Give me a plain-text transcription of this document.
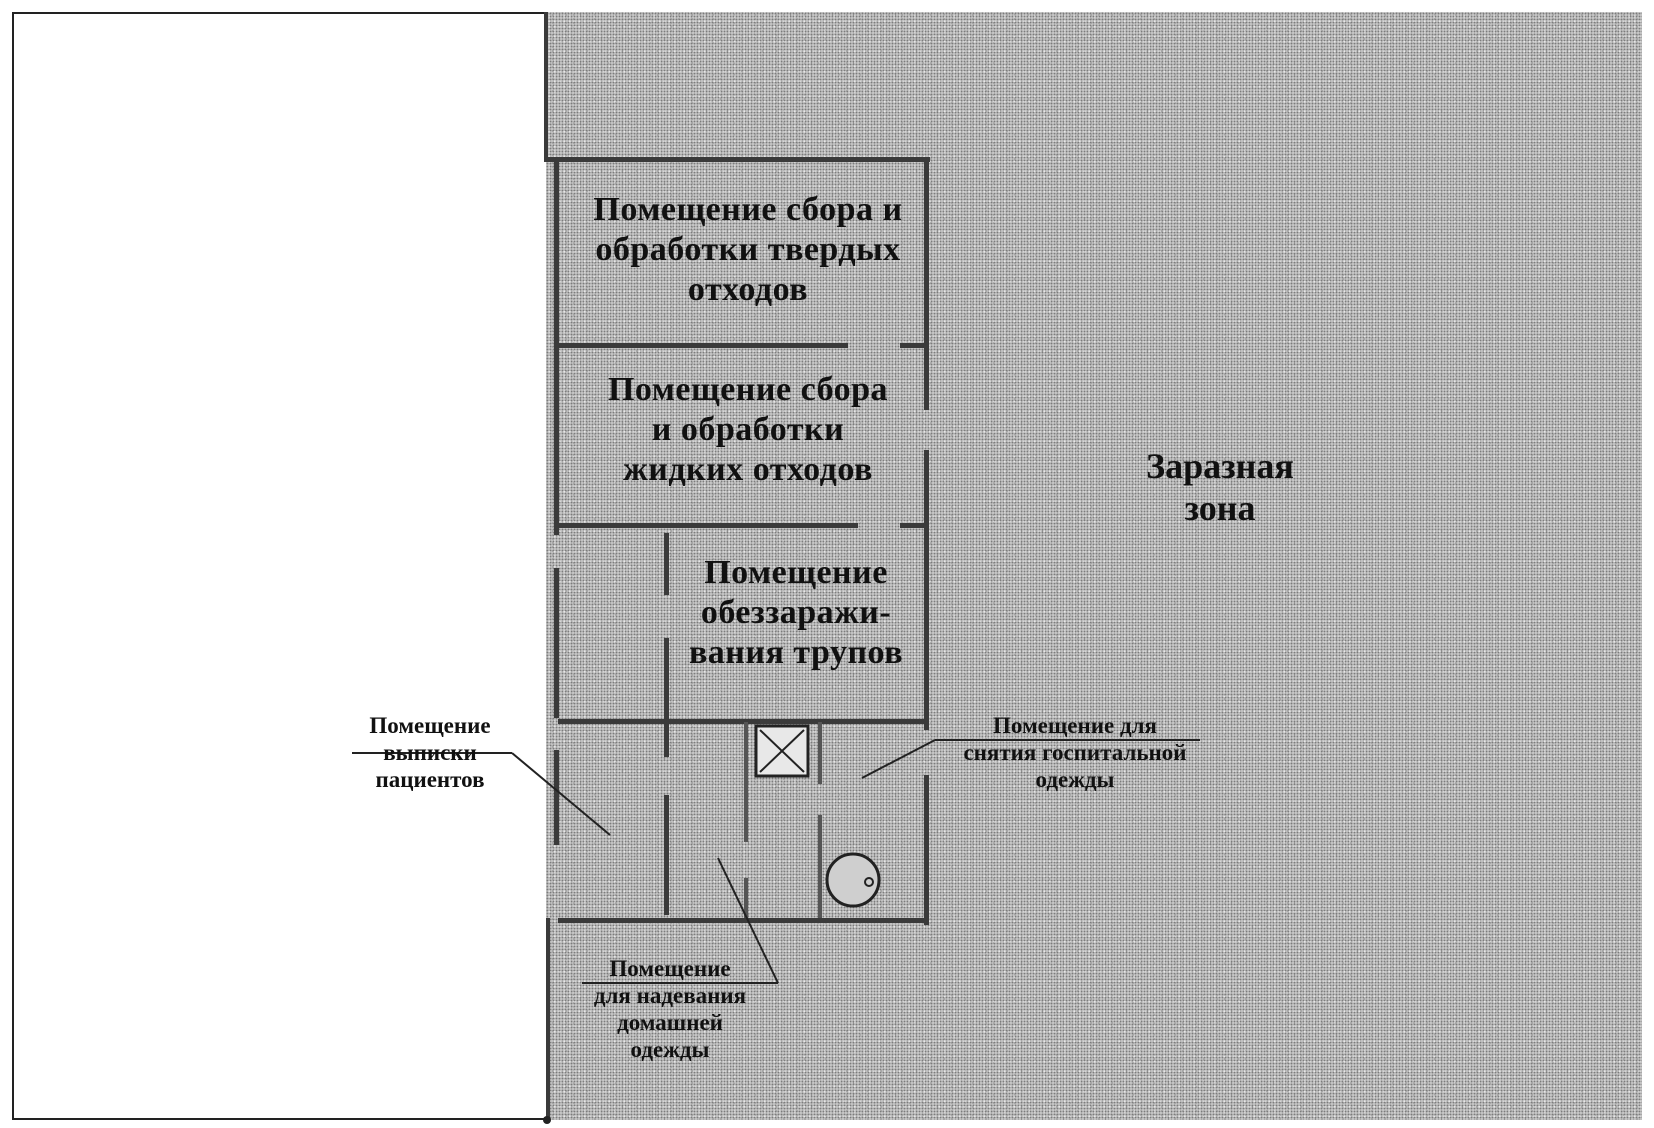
Помещение сбора и
обработки твердых
отходов
Помещение сбора
и обработки
жидких отходов
Помещение
обеззаражи-
вания трупов
Заразная
зона
Помещение
выписки
пациентов
Помещение для
снятия госпитальной
одежды
Помещение
для надевания
домашней
одежды
